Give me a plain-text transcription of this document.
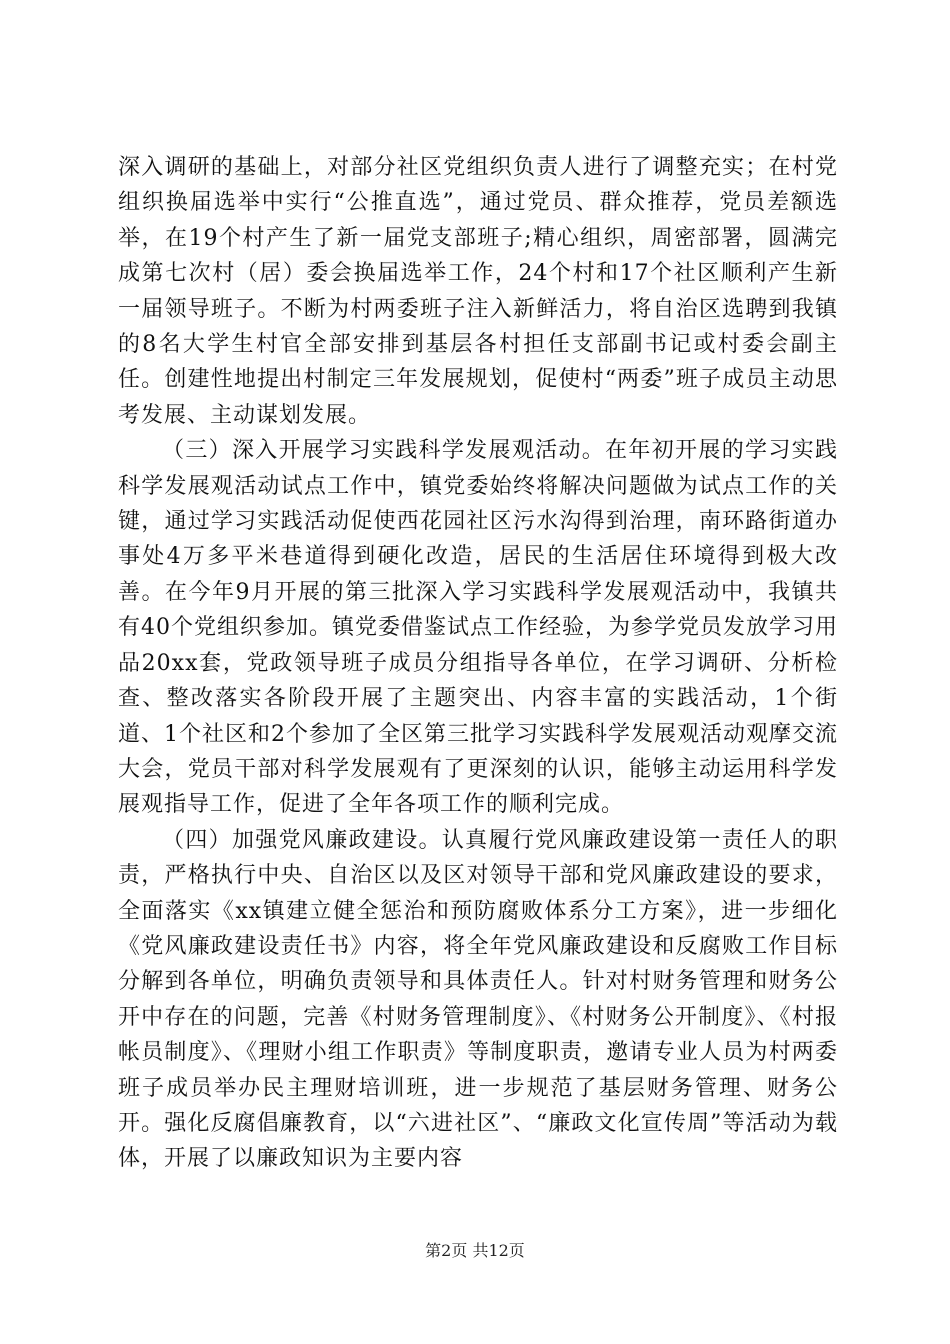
深入调研的基础上，对部分社区党组织负责人进行了调整充实；在村党组织换届选举中实行“公推直选”，通过党员、群众推荐，党员差额选举，在19个村产生了新一届党支部班子;精心组织，周密部署，圆满完成第七次村（居）委会换届选举工作，24个村和17个社区顺利产生新一届领导班子。不断为村两委班子注入新鲜活力，将自治区选聘到我镇的8名大学生村官全部安排到基层各村担任支部副书记或村委会副主任。创建性地提出村制定三年发展规划，促使村“两委”班子成员主动思考发展、主动谋划发展。

（三）深入开展学习实践科学发展观活动。在年初开展的学习实践科学发展观活动试点工作中，镇党委始终将解决问题做为试点工作的关键，通过学习实践活动促使西花园社区污水沟得到治理，南环路街道办事处4万多平米巷道得到硬化改造，居民的生活居住环境得到极大改善。在今年9月开展的第三批深入学习实践科学发展观活动中，我镇共有40个党组织参加。镇党委借鉴试点工作经验，为参学党员发放学习用品20xx套，党政领导班子成员分组指导各单位，在学习调研、分析检查、整改落实各阶段开展了主题突出、内容丰富的实践活动，1个街道、1个社区和2个参加了全区第三批学习实践科学发展观活动观摩交流大会，党员干部对科学发展观有了更深刻的认识，能够主动运用科学发展观指导工作，促进了全年各项工作的顺利完成。

（四）加强党风廉政建设。认真履行党风廉政建设第一责任人的职责，严格执行中央、自治区以及区对领导干部和党风廉政建设的要求，全面落实《xx镇建立健全惩治和预防腐败体系分工方案》，进一步细化《党风廉政建设责任书》内容，将全年党风廉政建设和反腐败工作目标分解到各单位，明确负责领导和具体责任人。针对村财务管理和财务公开中存在的问题，完善《村财务管理制度》、《村财务公开制度》、《村报帐员制度》、《理财小组工作职责》等制度职责，邀请专业人员为村两委班子成员举办民主理财培训班，进一步规范了基层财务管理、财务公开。强化反腐倡廉教育，以“六进社区”、“廉政文化宣传周”等活动为载体，开展了以廉政知识为主要内容

第2页 共12页
